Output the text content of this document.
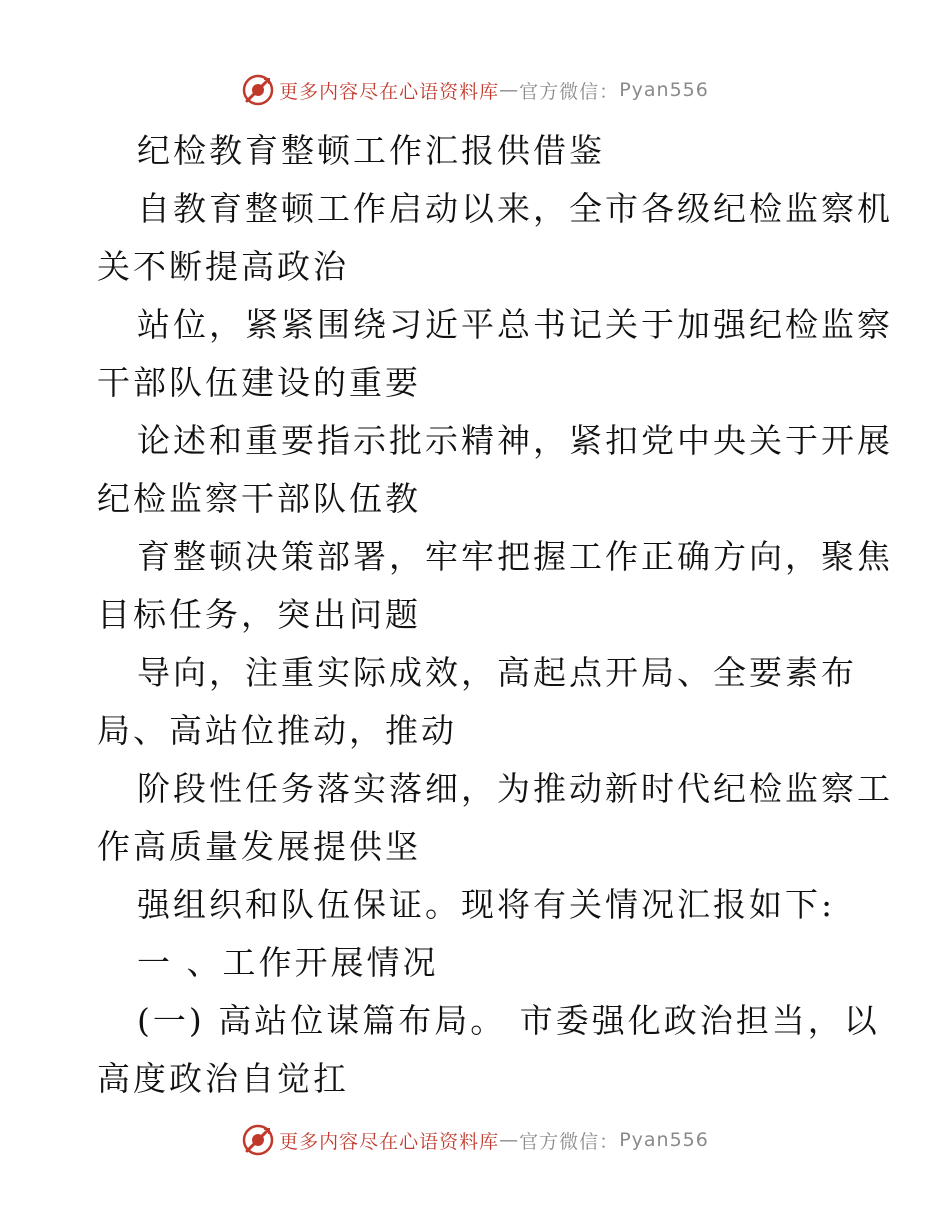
更多内容尽在心语资料库 — 官方微信： Pyan556
纪检教育整顿工作汇报供借鉴
自教育整顿工作启动以来，全市各级纪检监察机
关不断提高政治
站位，紧紧围绕习近平总书记关于加强纪检监察
干部队伍建设的重要
论述和重要指示批示精神，紧扣党中央关于开展
纪检监察干部队伍教
育整顿决策部署，牢牢把握工作正确方向，聚焦
目标任务，突出问题
导向，注重实际成效，高起点开局、全要素布
局、高站位推动，推动
阶段性任务落实落细，为推动新时代纪检监察工
作高质量发展提供坚
强组织和队伍保证。现将有关情况汇报如下:
一 、工作开展情况
(一) 高站位谋篇布局。 市委强化政治担当，以
高度政治自觉扛
更多内容尽在心语资料库 — 官方微信： Pyan556
